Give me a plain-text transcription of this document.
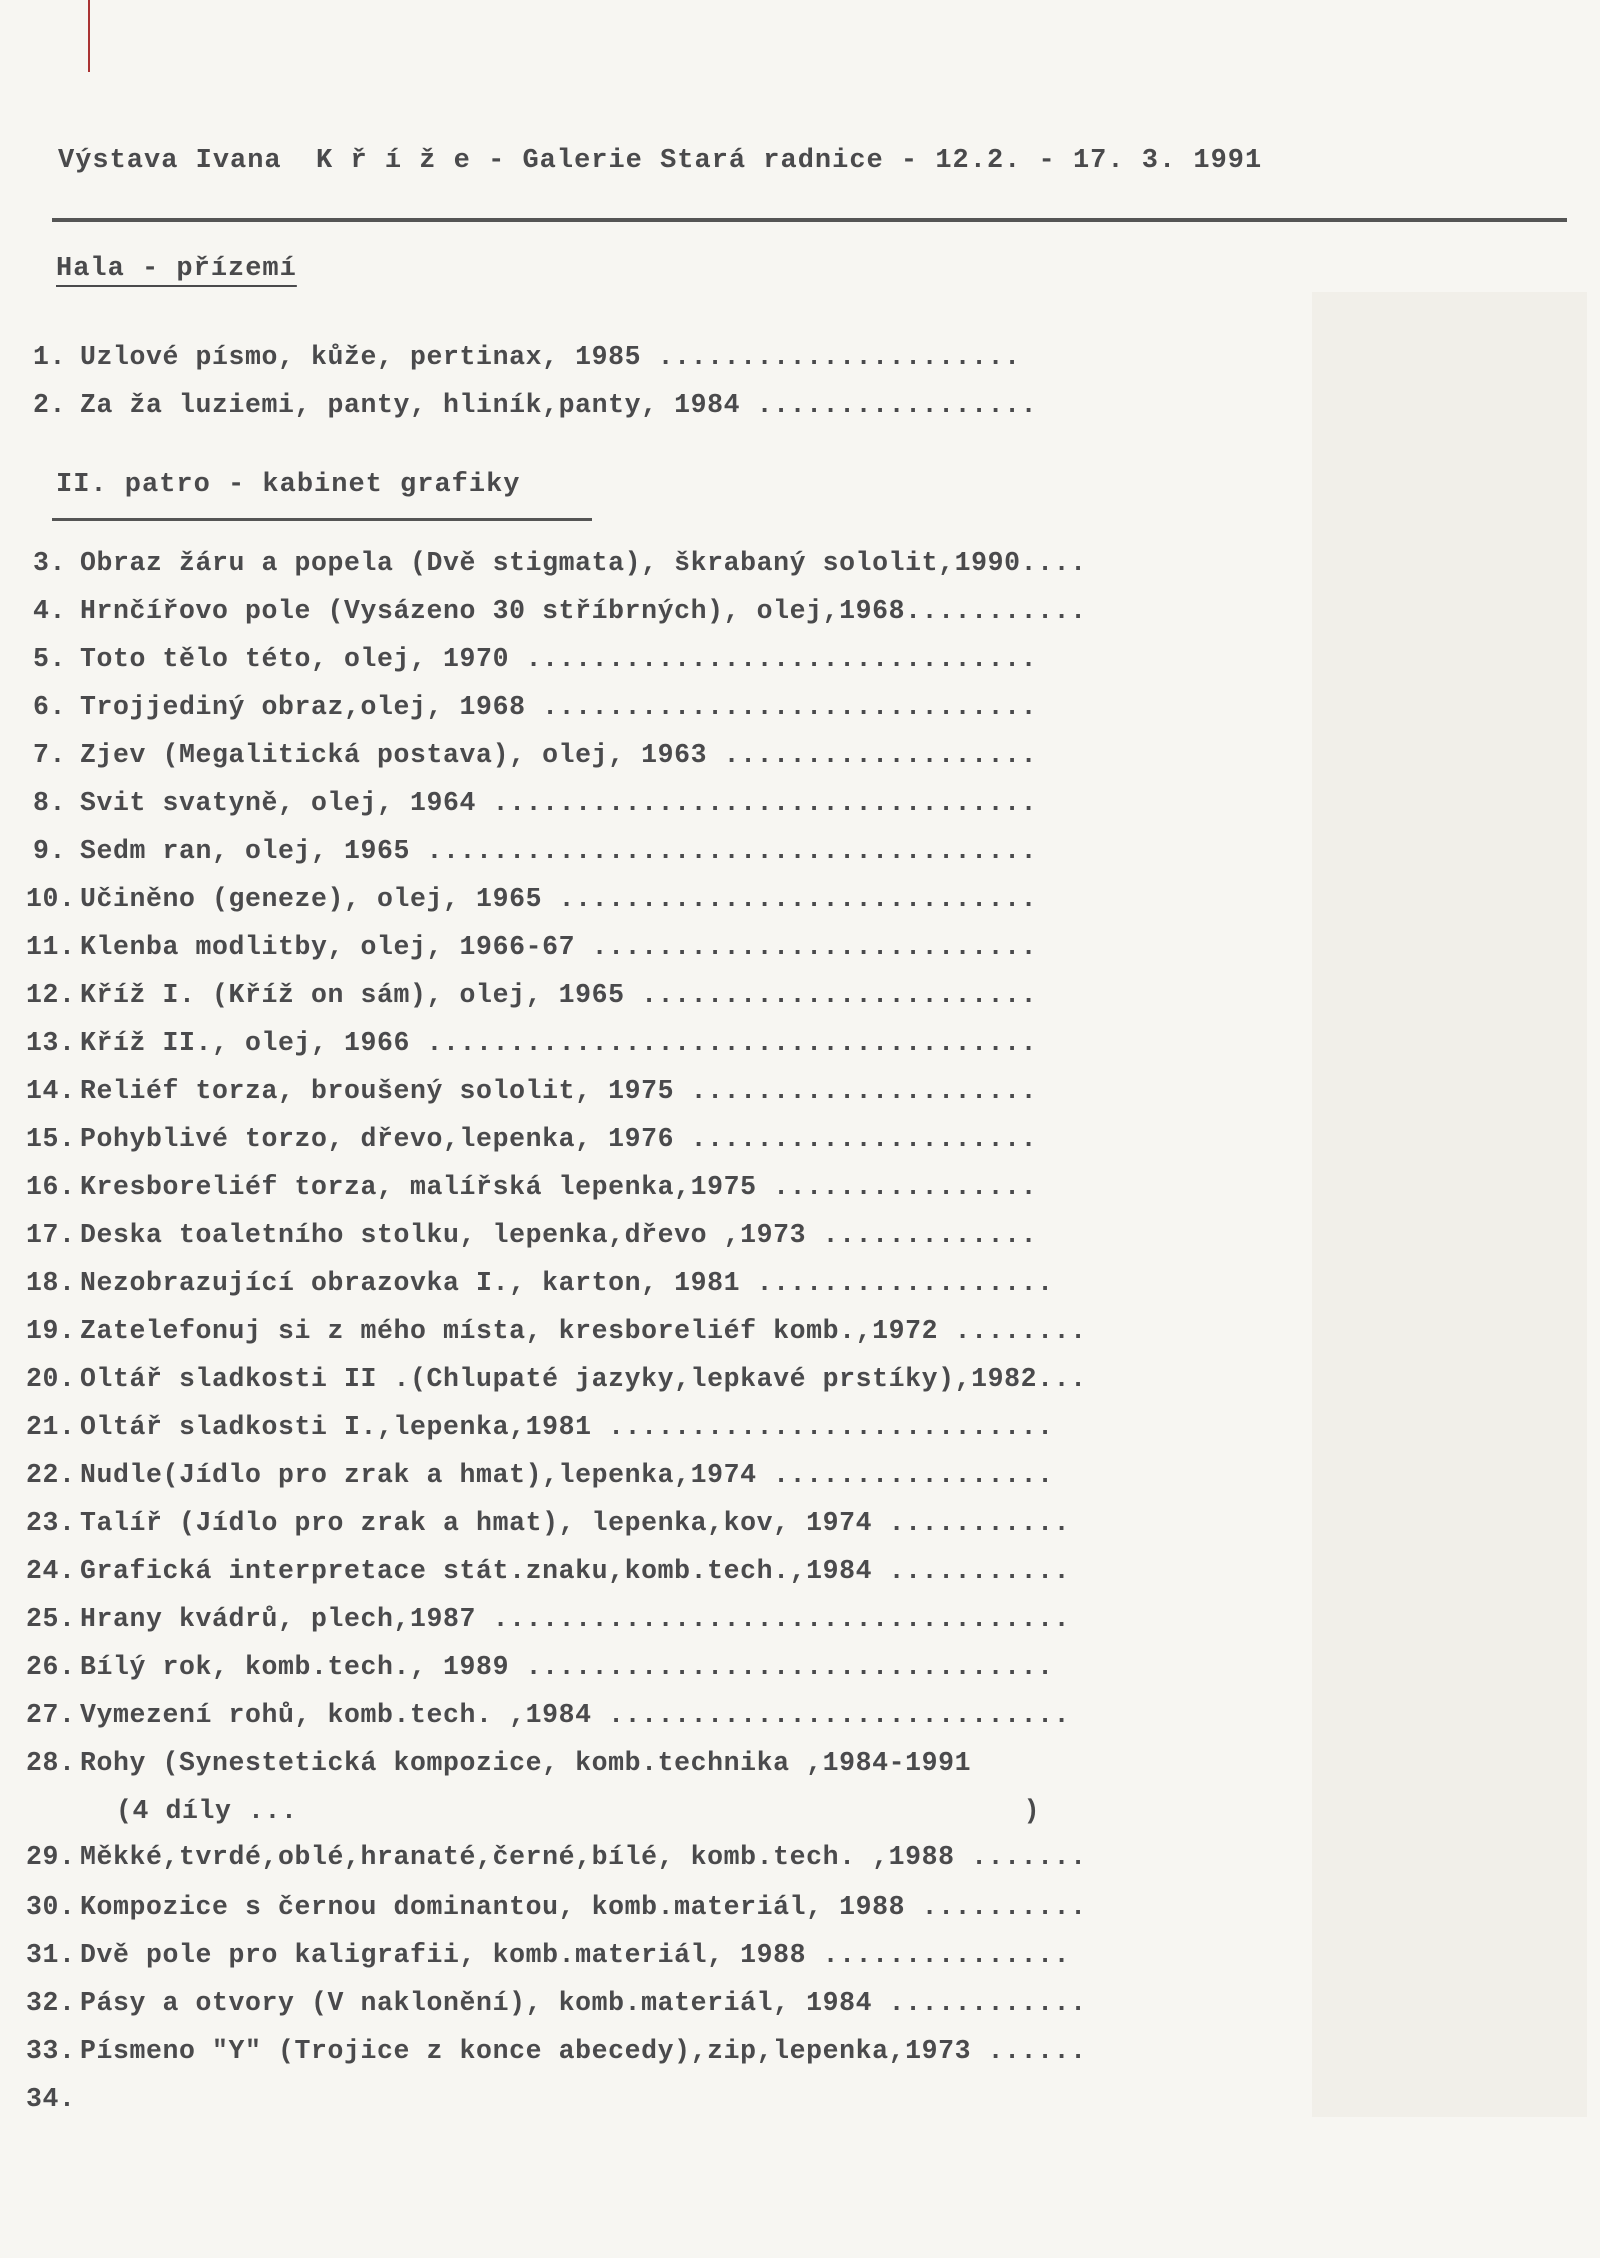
Výstava Ivana  K ř í ž e - Galerie Stará radnice - 12.2. - 17. 3. 1991
Hala - přízemí
II. patro - kabinet grafiky
1. Uzlové písmo, kůže, pertinax, 1985 ......................
2. Za ža luziemi, panty, hliník,panty, 1984 .................
3. Obraz žáru a popela (Dvě stigmata), škrabaný sololit,1990....
4. Hrnčířovo pole (Vysázeno 30 stříbrných), olej,1968...........
5. Toto tělo této, olej, 1970 ...............................
6. Trojjediný obraz,olej, 1968 ..............................
7. Zjev (Megalitická postava), olej, 1963 ...................
8. Svit svatyně, olej, 1964 .................................
9. Sedm ran, olej, 1965 .....................................
10. Učiněno (geneze), olej, 1965 .............................
11. Klenba modlitby, olej, 1966-67 ...........................
12. Kříž I. (Kříž on sám), olej, 1965 ........................
13. Kříž II., olej, 1966 .....................................
14. Reliéf torza, broušený sololit, 1975 .....................
15. Pohyblivé torzo, dřevo,lepenka, 1976 .....................
16. Kresboreliéf torza, malířská lepenka,1975 ................
17. Deska toaletního stolku, lepenka,dřevo ,1973 .............
18. Nezobrazující obrazovka I., karton, 1981 ..................
19. Zatelefonuj si z mého místa, kresboreliéf komb.,1972 ........
20. Oltář sladkosti II .(Chlupaté jazyky,lepkavé prstíky),1982...
21. Oltář sladkosti I.,lepenka,1981 ...........................
22. Nudle(Jídlo pro zrak a hmat),lepenka,1974 .................
23. Talíř (Jídlo pro zrak a hmat), lepenka,kov, 1974 ...........
24. Grafická interpretace stát.znaku,komb.tech.,1984 ...........
25. Hrany kvádrů, plech,1987 ...................................
26. Bílý rok, komb.tech., 1989 ................................
27. Vymezení rohů, komb.tech. ,1984 ............................
28. Rohy (Synestetická kompozice, komb.technika ,1984-1991
(4 díly ...                                            )
29. Měkké,tvrdé,oblé,hranaté,černé,bílé, komb.tech. ,1988 .......
30. Kompozice s černou dominantou, komb.materiál, 1988 ..........
31. Dvě pole pro kaligrafii, komb.materiál, 1988 ...............
32. Pásy a otvory (V naklonění), komb.materiál, 1984 ............
33. Písmeno "Y" (Trojice z konce abecedy),zip,lepenka,1973 ......
34.
